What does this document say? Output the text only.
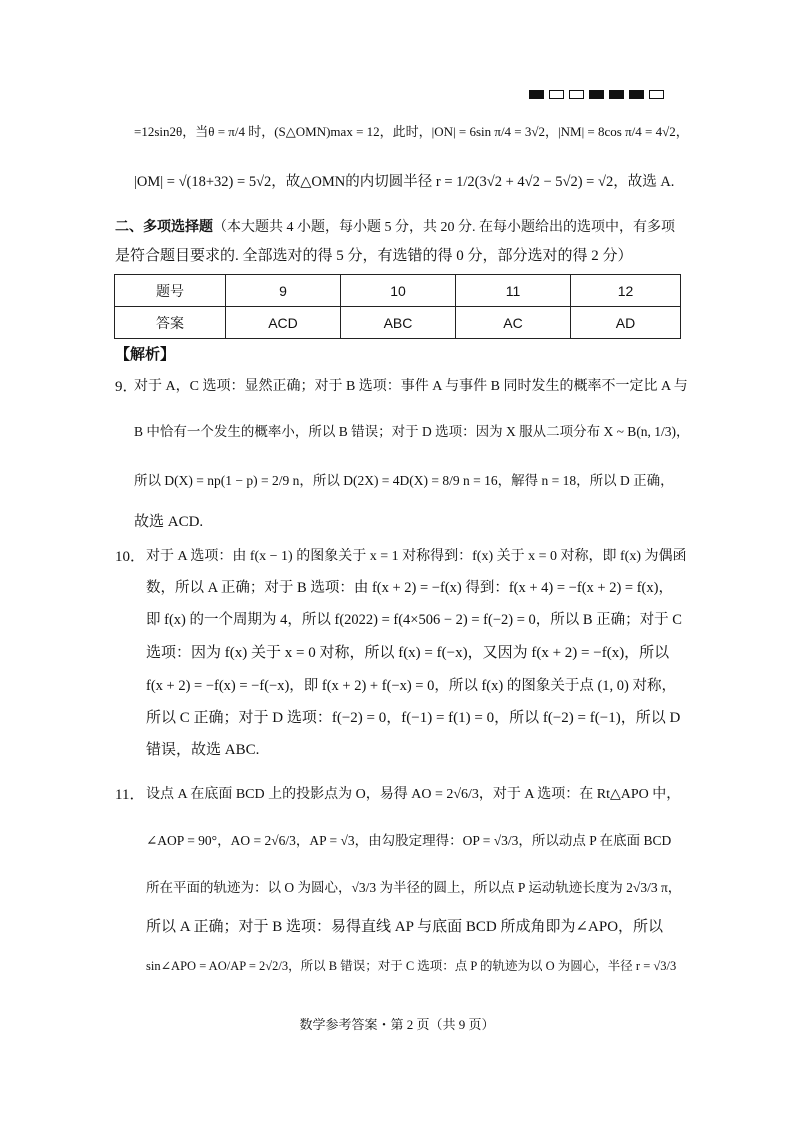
=12sin2θ，当θ = π/4 时，(S△OMN)max = 12，此时，|ON| = 6sin π/4 = 3√2，|NM| = 8cos π/4 = 4√2，
|OM| = √(18+32) = 5√2，故△OMN的内切圆半径 r = 1/2(3√2 + 4√2 − 5√2) = √2，故选 A.
二、多项选择题（本大题共 4 小题，每小题 5 分，共 20 分. 在每小题给出的选项中，有多项
是符合题目要求的. 全部选对的得 5 分，有选错的得 0 分，部分选对的得 2 分）
题号	9	10	11	12
答案	ACD	ABC	AC	AD
【解析】
9．
对于 A，C 选项：显然正确；对于 B 选项：事件 A 与事件 B 同时发生的概率不一定比 A 与
B 中恰有一个发生的概率小，所以 B 错误；对于 D 选项：因为 X 服从二项分布 X ~ B(n, 1/3)，
所以 D(X) = np(1 − p) = 2/9 n，所以 D(2X) = 4D(X) = 8/9 n = 16，解得 n = 18，所以 D 正确，
故选 ACD.
10． 对于 A 选项：由 f(x − 1) 的图象关于 x = 1 对称得到：f(x) 关于 x = 0 对称，即 f(x) 为偶函
数，所以 A 正确；对于 B 选项：由 f(x + 2) = −f(x) 得到：f(x + 4) = −f(x + 2) = f(x)，
即 f(x) 的一个周期为 4，所以 f(2022) = f(4×506 − 2) = f(−2) = 0，所以 B 正确；对于 C
选项：因为 f(x) 关于 x = 0 对称，所以 f(x) = f(−x)，又因为 f(x + 2) = −f(x)，所以
f(x + 2) = −f(x) = −f(−x)，即 f(x + 2) + f(−x) = 0，所以 f(x) 的图象关于点 (1, 0) 对称，
所以 C 正确；对于 D 选项：f(−2) = 0，f(−1) = f(1) = 0，所以 f(−2) = f(−1)，所以 D
错误，故选 ABC.
11． 设点 A 在底面 BCD 上的投影点为 O，易得 AO = 2√6/3，对于 A 选项：在 Rt△APO 中，
∠AOP = 90°，AO = 2√6/3，AP = √3，由勾股定理得：OP = √3/3，所以动点 P 在底面 BCD
所在平面的轨迹为：以 O 为圆心，√3/3 为半径的圆上，所以点 P 运动轨迹长度为 2√3/3 π，
所以 A 正确；对于 B 选项：易得直线 AP 与底面 BCD 所成角即为∠APO，所以
sin∠APO = AO/AP = 2√2/3，所以 B 错误；对于 C 选项：点 P 的轨迹为以 O 为圆心，半径 r = √3/3
数学参考答案・第 2 页（共 9 页）
